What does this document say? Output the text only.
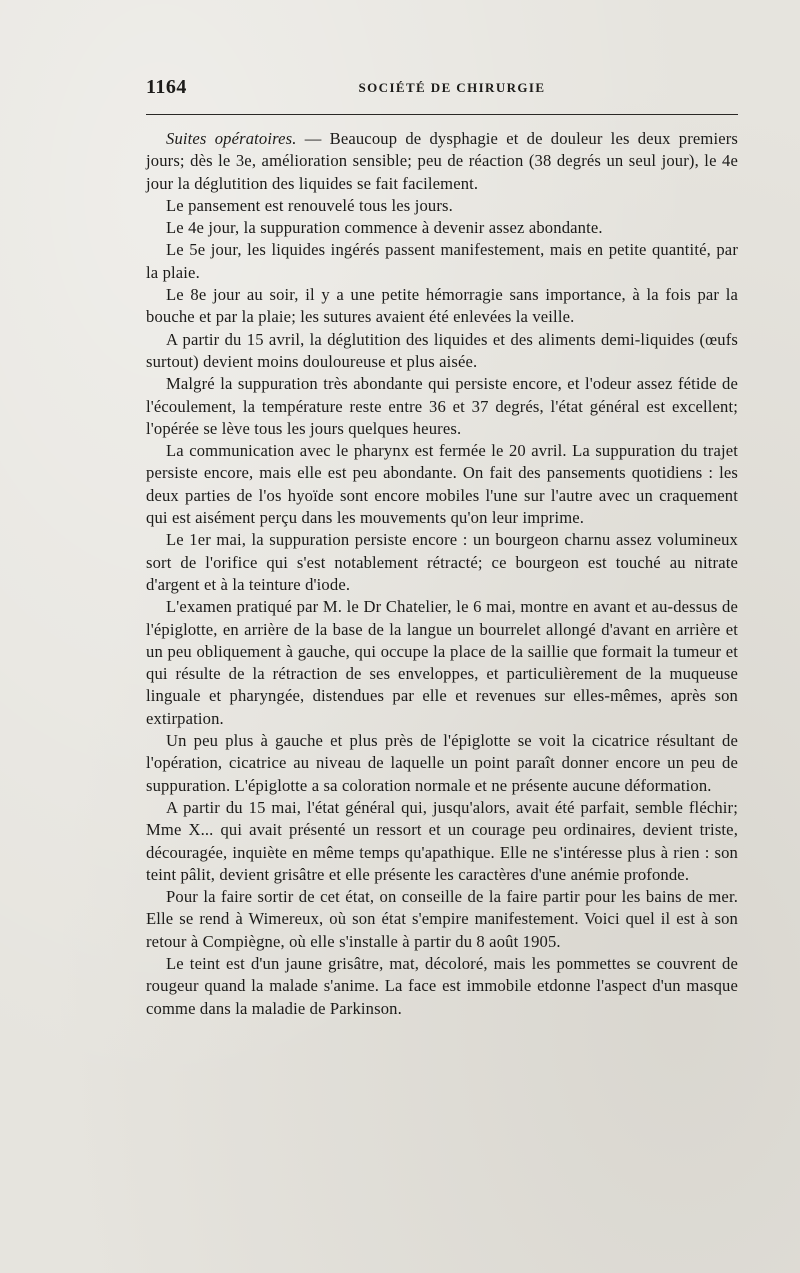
1164	SOCIÉTÉ DE CHIRURGIE

Suites opératoires. — Beaucoup de dysphagie et de douleur les deux premiers jours; dès le 3e, amélioration sensible; peu de réaction (38 degrés un seul jour), le 4e jour la déglutition des liquides se fait facilement.

Le pansement est renouvelé tous les jours.

Le 4e jour, la suppuration commence à devenir assez abondante.

Le 5e jour, les liquides ingérés passent manifestement, mais en petite quantité, par la plaie.

Le 8e jour au soir, il y a une petite hémorragie sans importance, à la fois par la bouche et par la plaie; les sutures avaient été enlevées la veille.

A partir du 15 avril, la déglutition des liquides et des aliments demi-liquides (œufs surtout) devient moins douloureuse et plus aisée.

Malgré la suppuration très abondante qui persiste encore, et l'odeur assez fétide de l'écoulement, la température reste entre 36 et 37 degrés, l'état général est excellent; l'opérée se lève tous les jours quelques heures.

La communication avec le pharynx est fermée le 20 avril. La suppuration du trajet persiste encore, mais elle est peu abondante. On fait des pansements quotidiens : les deux parties de l'os hyoïde sont encore mobiles l'une sur l'autre avec un craquement qui est aisément perçu dans les mouvements qu'on leur imprime.

Le 1er mai, la suppuration persiste encore : un bourgeon charnu assez volumineux sort de l'orifice qui s'est notablement rétracté; ce bourgeon est touché au nitrate d'argent et à la teinture d'iode.

L'examen pratiqué par M. le Dr Chatelier, le 6 mai, montre en avant et au-dessus de l'épiglotte, en arrière de la base de la langue un bourrelet allongé d'avant en arrière et un peu obliquement à gauche, qui occupe la place de la saillie que formait la tumeur et qui résulte de la rétraction de ses enveloppes, et particulièrement de la muqueuse linguale et pharyngée, distendues par elle et revenues sur elles-mêmes, après son extirpation.

Un peu plus à gauche et plus près de l'épiglotte se voit la cicatrice résultant de l'opération, cicatrice au niveau de laquelle un point paraît donner encore un peu de suppuration. L'épiglotte a sa coloration normale et ne présente aucune déformation.

A partir du 15 mai, l'état général qui, jusqu'alors, avait été parfait, semble fléchir; Mme X... qui avait présenté un ressort et un courage peu ordinaires, devient triste, découragée, inquiète en même temps qu'apathique. Elle ne s'intéresse plus à rien : son teint pâlit, devient grisâtre et elle présente les caractères d'une anémie profonde.

Pour la faire sortir de cet état, on conseille de la faire partir pour les bains de mer. Elle se rend à Wimereux, où son état s'empire manifestement. Voici quel il est à son retour à Compiègne, où elle s'installe à partir du 8 août 1905.

Le teint est d'un jaune grisâtre, mat, décoloré, mais les pommettes se couvrent de rougeur quand la malade s'anime. La face est immobile etdonne l'aspect d'un masque comme dans la maladie de Parkinson.
